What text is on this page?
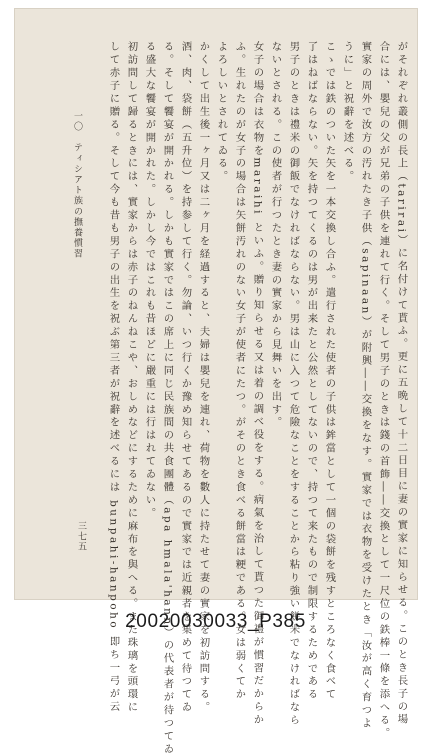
がそれぞれ叢側の長上（tarirai）に名付けて貰ふ。更に五晩して十二日目に妻の實家に知らせる。このとき長子の場
合には、嬰兒の父が兄弟の子供を連れて行く。そして男子のときは錢の首飾――交換として一尺位の鉄棒一條を添へる。
實家の周外で汝方の汚れたき子供（sapinaan）が附興――交換をなす。實家では衣物を受けたとき「汝が高く育つよ
うに」と祝辭を述べる。
こゝでは鉄のついた矢を一本交換し合ふ。遣行された使者の子供は鉾當として一個の袋餅を残すところなく食べて
了はねばならない。矢を持つてくるのは男が出来たと公然としてないので、持つて来たもので制限するためである
男子のときは禮米の御飯でなければならない。男は山に入つて危險なことをすることから粘り強い餅米でなければなら
ないとされる。この使者が行つたとき妻の實家から見舞いを出す。
女子の場合は衣物をmaraihi といふ。贈り知らせる又は着の調べ役をする。病氣を治して貰つた御禮が慣習だからか
ふ。生れたのが女子の場合は矢餅汚れのない女子が使者にたつ。がそのとき食べる餅當は粳である。女は弱くてか
よろしいとされてゐる。
かくして出生後一ヶ月又は二ヶ月を経過すると、夫婦は嬰兒を連れ、荷物を數人に持たせて妻の實家を初訪問する。
酒、肉、袋餅（五升位）を持参して行く。勿論、いつ行くか豫め知らせてあるので實家では近親者を集めて待つてゐ
る。そして饗宴が開かれる。しかも實家ではこの席上に同じ民族間の共食團體（apa hmala'hann）の代表者が待つてゐ
る盛大な饗宴が開かれた。しかし今ではこれも昔ほどに嚴重には行はれてゐない。
初訪問して歸るときには、實家からは赤子のねんねこや、おしめなどにするために麻布を與へる。また珠璃を頭環に
して赤子に贈る。そして今も昔も男子の出生を祝ぶ第三者が祝辭を述べるには bunpahi-hanpoho 即ち一弓が云
一〇　ティシアト族の撫養慣習
三七五
20020030033_P385
